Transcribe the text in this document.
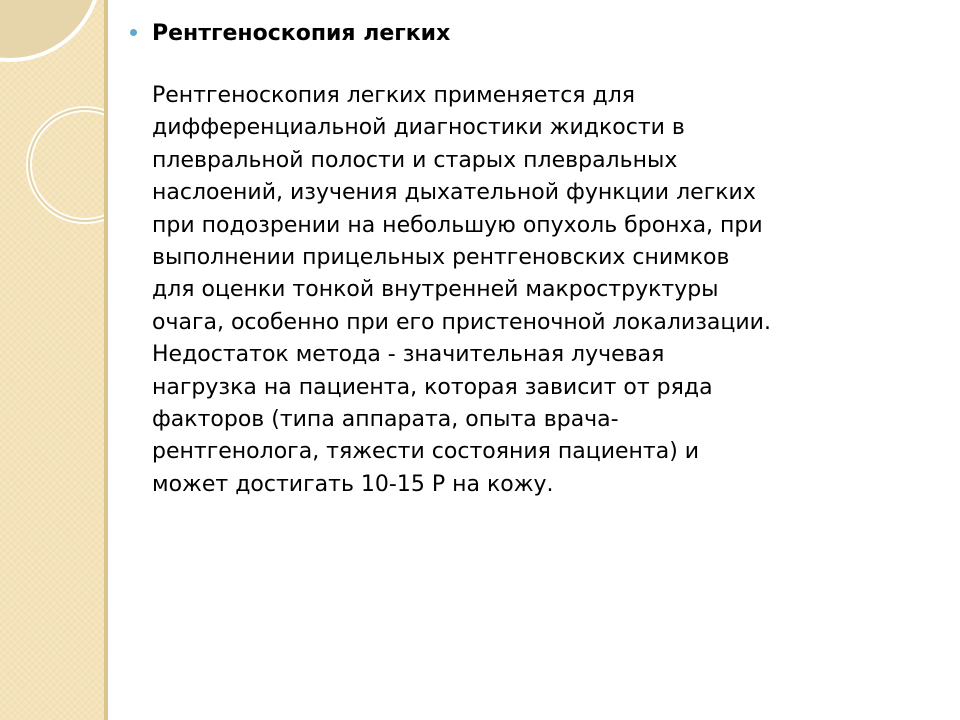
Рентгеноскопия легких
Рентгеноскопия легких применяется для
дифференциальной диагностики жидкости в
плевральной полости и старых плевральных
наслоений, изучения дыхательной функции легких
при подозрении на небольшую опухоль бронха, при
выполнении прицельных рентгеновских снимков
для оценки тонкой внутренней макроструктуры
очага, особенно при его пристеночной локализации.
Недостаток метода - значительная лучевая
нагрузка на пациента, которая зависит от ряда
факторов (типа аппарата, опыта врача-
рентгенолога, тяжести состояния пациента) и
может достигать 10-15 Р на кожу.
